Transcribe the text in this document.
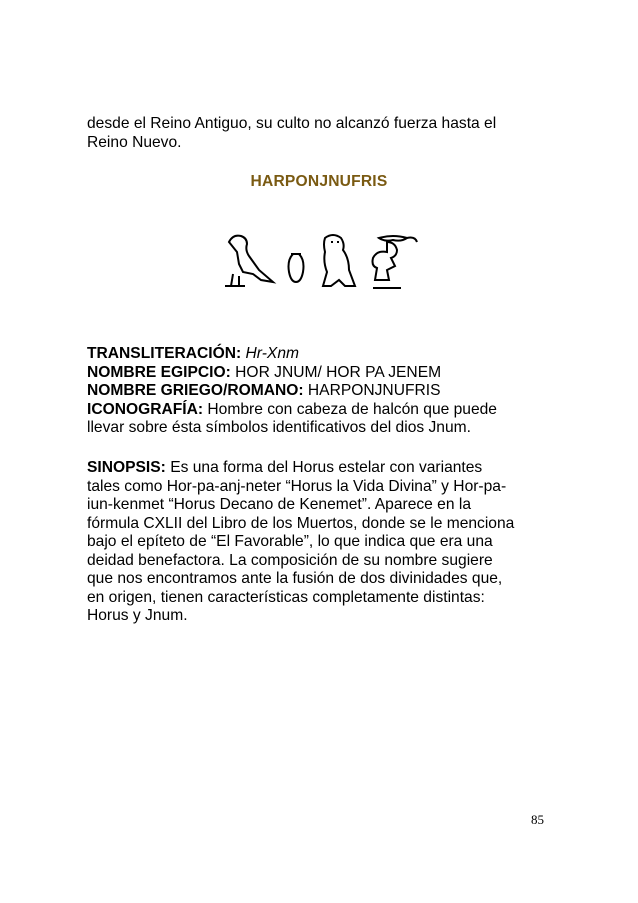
desde el Reino Antiguo, su culto no alcanzó fuerza hasta el
Reino Nuevo.
HARPONJNUFRIS
TRANSLITERACIÓN: Hr-Xnm
NOMBRE EGIPCIO: HOR JNUM/ HOR PA JENEM
NOMBRE GRIEGO/ROMANO: HARPONJNUFRIS
ICONOGRAFÍA: Hombre con cabeza de halcón que puede
llevar sobre ésta símbolos identificativos del dios Jnum.
SINOPSIS: Es una forma del Horus estelar con variantes
tales como Hor-pa-anj-neter “Horus la Vida Divina” y Hor-pa-
iun-kenmet “Horus Decano de Kenemet”. Aparece en la
fórmula CXLII del Libro de los Muertos, donde se le menciona
bajo el epíteto de “El Favorable”, lo que indica que era una
deidad benefactora. La composición de su nombre sugiere
que nos encontramos ante la fusión de dos divinidades que,
en origen, tienen características completamente distintas:
Horus y Jnum.
85
